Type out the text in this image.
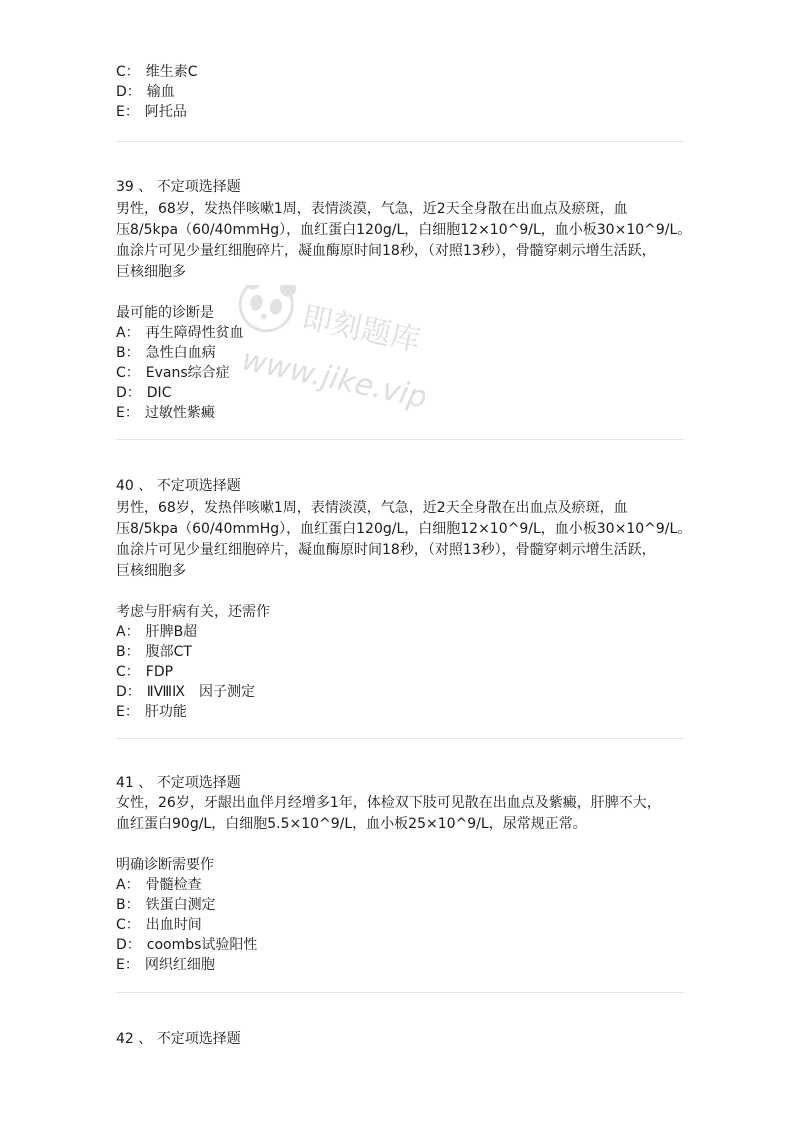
C： 维生素C
D： 输血
E： 阿托品
39 、 不定项选择题
男性，68岁，发热伴咳嗽1周，表情淡漠，气急，近2天全身散在出血点及瘀斑，血
压8/5kpa（60/40mmHg），血红蛋白120g/L，白细胞12×10^9/L，血小板30×10^9/L。
血涂片可见少量红细胞碎片，凝血酶原时间18秒，（对照13秒），骨髓穿刺示增生活跃，
巨核细胞多
最可能的诊断是
A： 再生障碍性贫血
B： 急性白血病
C： Evans综合症
D： DIC
E： 过敏性紫癜
40 、 不定项选择题
男性，68岁，发热伴咳嗽1周，表情淡漠，气急，近2天全身散在出血点及瘀斑，血
压8/5kpa（60/40mmHg），血红蛋白120g/L，白细胞12×10^9/L，血小板30×10^9/L。
血涂片可见少量红细胞碎片，凝血酶原时间18秒，（对照13秒），骨髓穿刺示增生活跃，
巨核细胞多
考虑与肝病有关，还需作
A： 肝脾B超
B： 腹部CT
C： FDP
D： ⅡⅧⅨ　因子测定
E： 肝功能
41 、 不定项选择题
女性，26岁，牙龈出血伴月经增多1年，体检双下肢可见散在出血点及紫癜，肝脾不大，
血红蛋白90g/L，白细胞5.5×10^9/L，血小板25×10^9/L，尿常规正常。
明确诊断需要作
A： 骨髓检查
B： 铁蛋白测定
C： 出血时间
D： coombs试验阳性
E： 网织红细胞
42 、 不定项选择题
即刻题库
www.jike.vip
